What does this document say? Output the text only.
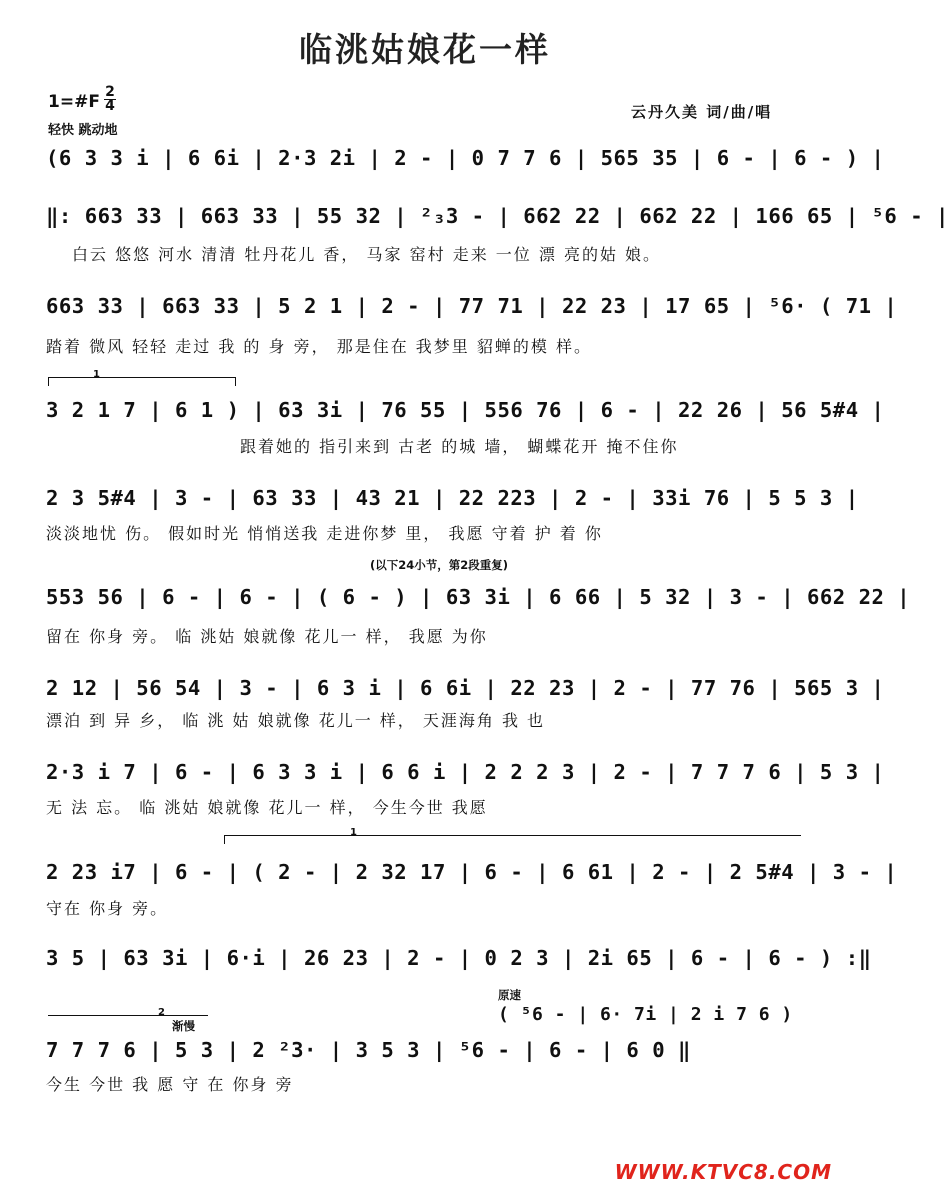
临洮姑娘花一样
1=#F 2
4
轻快 跳动地
云丹久美 词/曲/唱
(6 3 3 i | 6 6i | 2·3 2i | 2 - | 0 7 7 6 | 565 35 | 6 - | 6 - ) |
‖: 663 33 | 663 33 | 55 32 | ²₃3 - | 662 22 | 662 22 | 166 65 | ⁵6 - |
白云 悠悠 河水 清清 牡丹花儿 香， 马家 窑村 走来 一位 漂 亮的姑 娘。
663 33 | 663 33 | 5 2 1 | 2 - | 77 71 | 22 23 | 17 65 | ⁵6· ( 71 |
踏着 微风 轻轻 走过 我 的 身 旁， 那是住在 我梦里 貂蝉的模 样。
1
3 2 1 7 | 6 1 ) | 63 3i | 76 55 | 556 76 | 6 - | 22 26 | 56 5#4 |
跟着她的 指引来到 古老 的城 墙， 蝴蝶花开 掩不住你
2 3 5#4 | 3 - | 63 33 | 43 21 | 22 223 | 2 - | 33i 76 | 5 5 3 |
淡淡地忧 伤。 假如时光 悄悄送我 走进你梦 里， 我愿 守着 护 着 你
(以下24小节，第2段重复)
553 56 | 6 - | 6 - | ( 6 - ) | 63 3i | 6 66 | 5 32 | 3 - | 662 22 |
留在 你身 旁。 临 洮姑 娘就像 花儿一 样， 我愿 为你
2 12 | 56 54 | 3 - | 6 3 i | 6 6i | 22 23 | 2 - | 77 76 | 565 3 |
漂泊 到 异 乡， 临 洮 姑 娘就像 花儿一 样， 天涯海角 我 也
2·3 i 7 | 6 - | 6 3 3 i | 6 6 i | 2 2 2 3 | 2 - | 7 7 7 6 | 5 3 |
无 法 忘。 临 洮姑 娘就像 花儿一 样， 今生今世 我愿
1
2 23 i7 | 6 - | ( 2 - | 2 32 17 | 6 - | 6 61 | 2 - | 2 5#4 | 3 - |
守在 你身 旁。
3 5 | 63 3i | 6·i | 26 23 | 2 - | 0 2 3 | 2i 65 | 6 - | 6 - ) :‖
2
原速
渐慢
( ⁵6 - | 6· 7i | 2 i 7 6 )
7 7 7 6 | 5 3 | 2 ²3· | 3 5 3 | ⁵6 - | 6 - | 6 0 ‖
今生 今世 我 愿 守 在 你身 旁
WWW.KTVC8.COM
